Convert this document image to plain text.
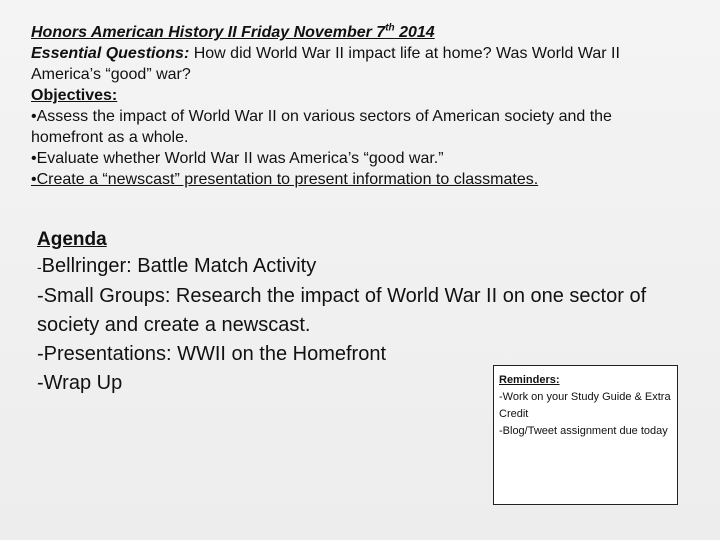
Honors American History II Friday November 7th 2014
Essential Questions: How did World War II impact life at home? Was World War II America’s “good” war?
Objectives:
•Assess the impact of World War II on various sectors of American society and the homefront as a whole.
•Evaluate whether World War II was America’s “good war.”
•Create a “newscast” presentation to present information to classmates.
Agenda
-Bellringer: Battle Match Activity
-Small Groups: Research the impact of World War II on one sector of society and create a newscast.
-Presentations: WWII on the Homefront
-Wrap Up	Reminders:
-Work on your Study Guide & Extra Credit
-Blog/Tweet assignment due today
